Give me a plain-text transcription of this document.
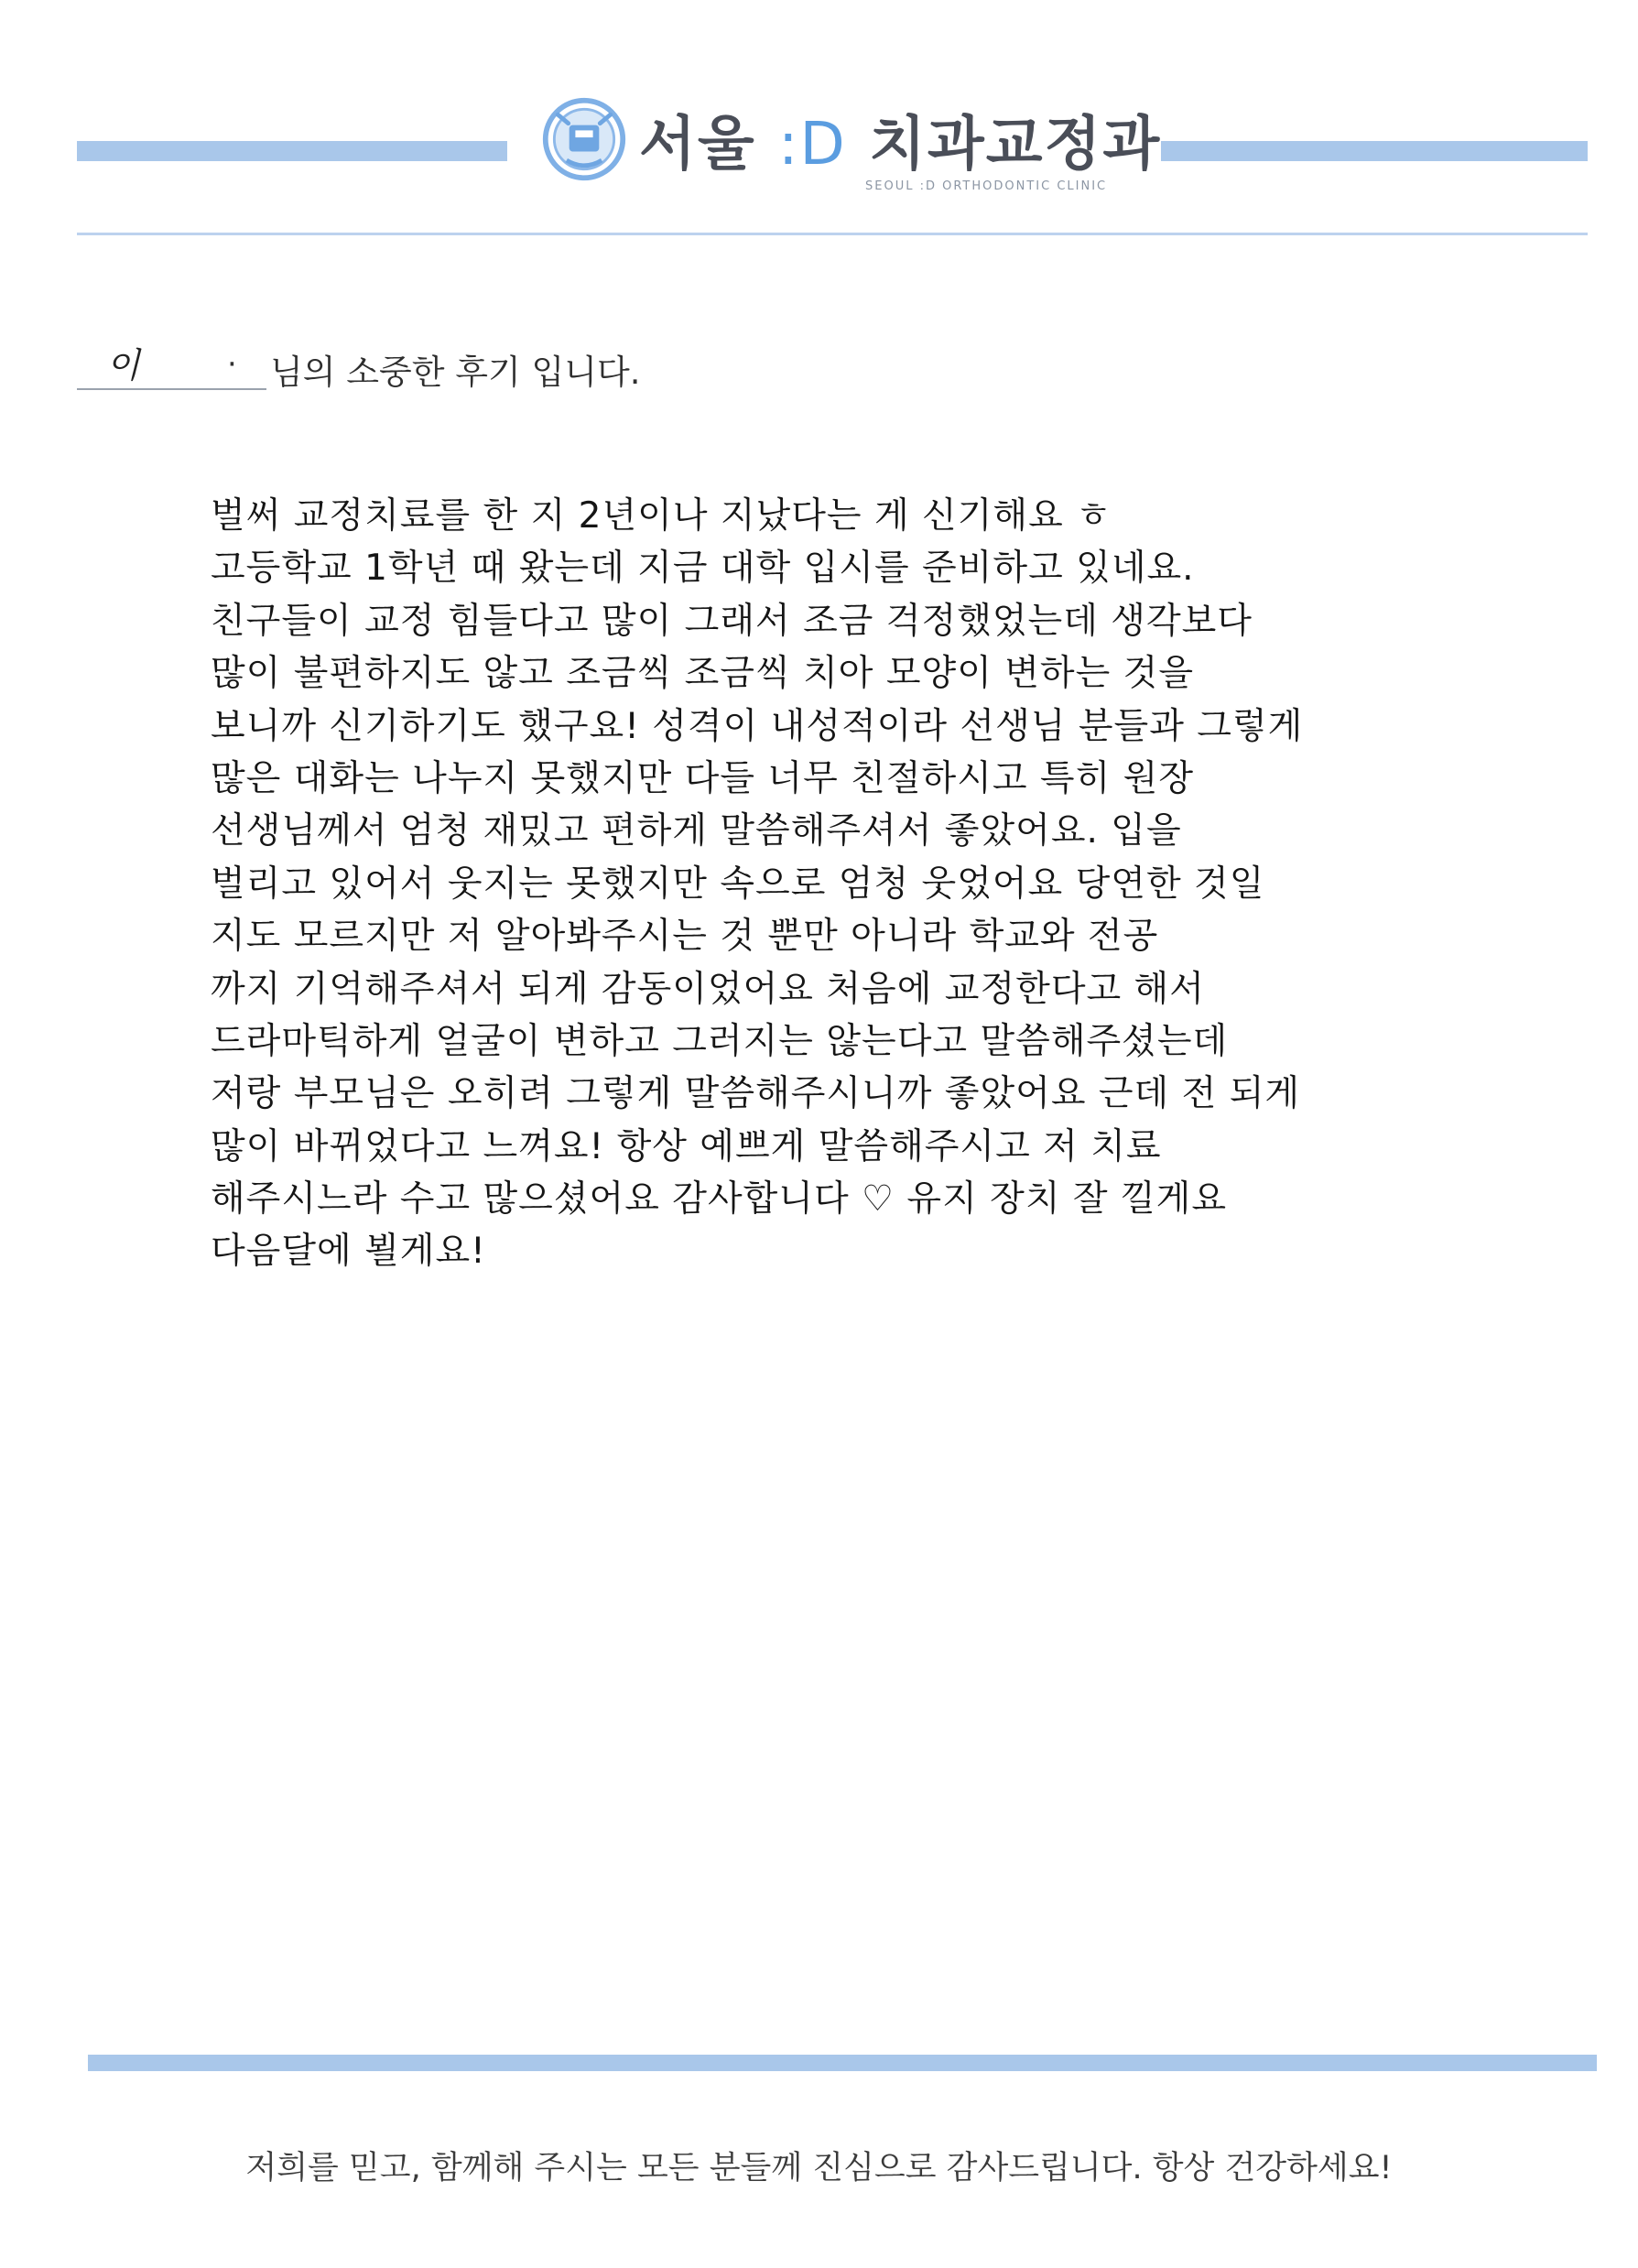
서울 :D 치과교정과
SEOUL :D ORTHODONTIC CLINIC
이	· 님의 소중한 후기 입니다.
벌써 교정치료를 한 지 2년이나 지났다는 게 신기해요 ㅎ
고등학교 1학년 때 왔는데 지금 대학 입시를 준비하고 있네요.
친구들이 교정 힘들다고 많이 그래서 조금 걱정했었는데 생각보다
많이 불편하지도 않고 조금씩 조금씩 치아 모양이 변하는 것을
보니까 신기하기도 했구요! 성격이 내성적이라 선생님 분들과 그렇게
많은 대화는 나누지 못했지만 다들 너무 친절하시고 특히 원장
선생님께서 엄청 재밌고 편하게 말씀해주셔서 좋았어요. 입을
벌리고 있어서 웃지는 못했지만 속으로 엄청 웃었어요 당연한 것일
지도 모르지만 저 알아봐주시는 것 뿐만 아니라 학교와 전공
까지 기억해주셔서 되게 감동이었어요 처음에 교정한다고 해서
드라마틱하게 얼굴이 변하고 그러지는 않는다고 말씀해주셨는데
저랑 부모님은 오히려 그렇게 말씀해주시니까 좋았어요 근데 전 되게
많이 바뀌었다고 느껴요! 항상 예쁘게 말씀해주시고 저 치료
해주시느라 수고 많으셨어요 감사합니다 ♡ 유지 장치 잘 낄게요
다음달에 뵐게요!
저희를 믿고, 함께해 주시는 모든 분들께 진심으로 감사드립니다. 항상 건강하세요!
